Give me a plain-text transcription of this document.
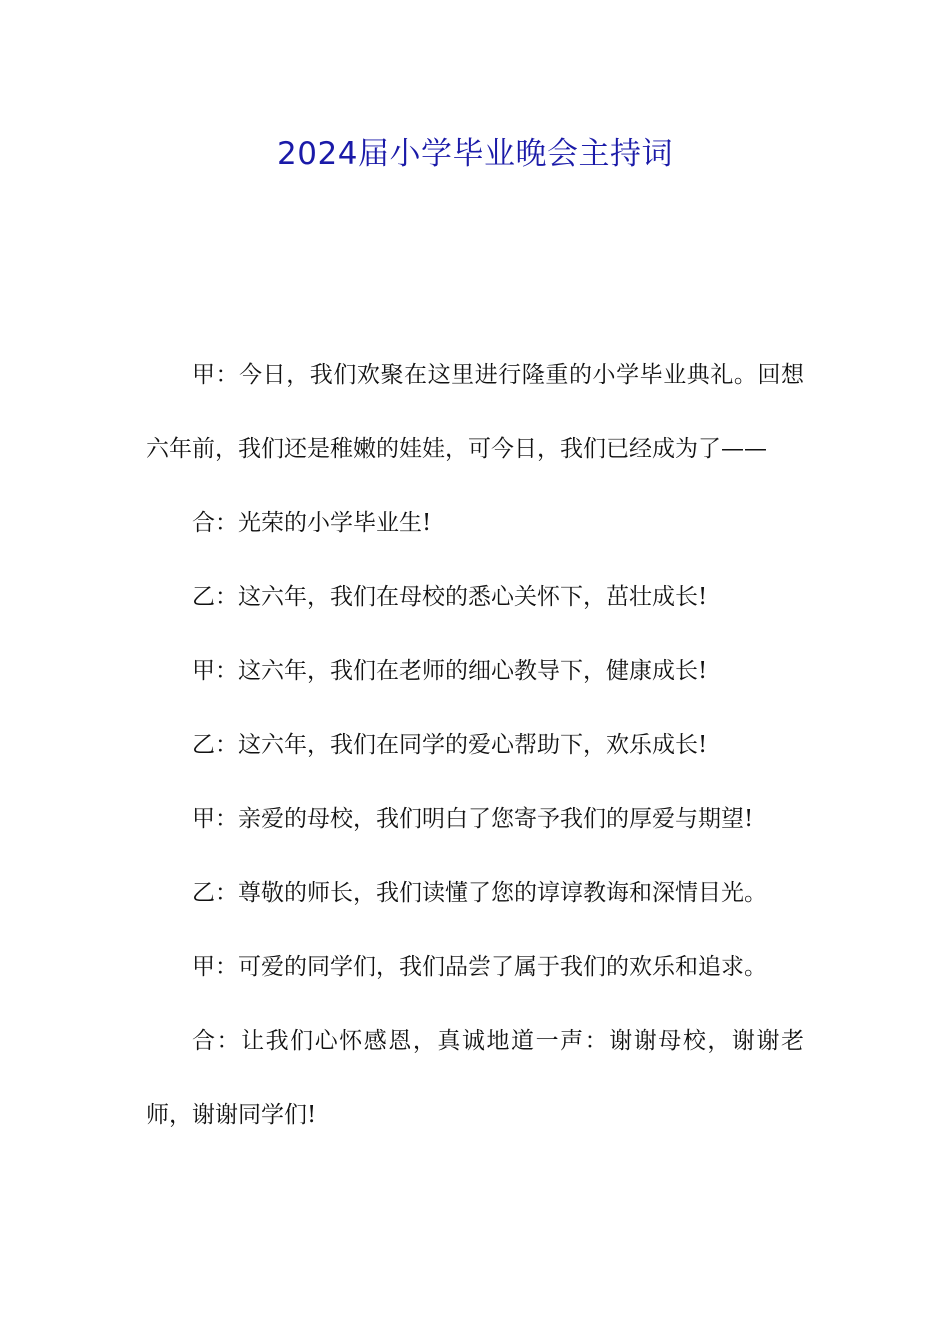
2024届小学毕业晚会主持词

甲：今日，我们欢聚在这里进行隆重的小学毕业典礼。回想六年前，我们还是稚嫩的娃娃，可今日，我们已经成为了——

合：光荣的小学毕业生!

乙：这六年，我们在母校的悉心关怀下，茁壮成长!

甲：这六年，我们在老师的细心教导下，健康成长!

乙：这六年，我们在同学的爱心帮助下，欢乐成长!

甲：亲爱的母校，我们明白了您寄予我们的厚爱与期望!

乙：尊敬的师长，我们读懂了您的谆谆教诲和深情目光。

甲：可爱的同学们，我们品尝了属于我们的欢乐和追求。

合：让我们心怀感恩，真诚地道一声：谢谢母校，谢谢老师，谢谢同学们!
